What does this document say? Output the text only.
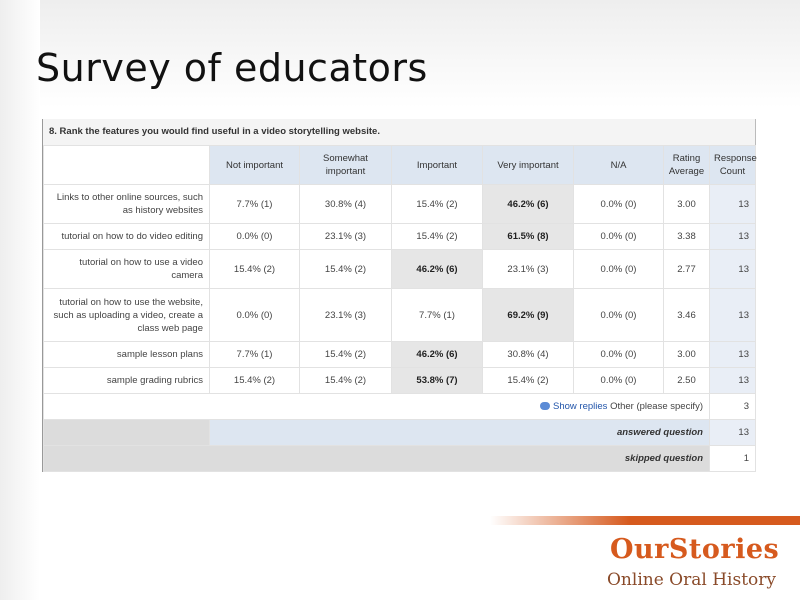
Survey of educators
8. Rank the features you would find useful in a video storytelling website.
	Not important	Somewhat important	Important	Very important	N/A	Rating Average	Response Count
Links to other online sources, such as history websites	7.7% (1)	30.8% (4)	15.4% (2)	46.2% (6)	0.0% (0)	3.00	13
tutorial on how to do video editing	0.0% (0)	23.1% (3)	15.4% (2)	61.5% (8)	0.0% (0)	3.38	13
tutorial on how to use a video camera	15.4% (2)	15.4% (2)	46.2% (6)	23.1% (3)	0.0% (0)	2.77	13
tutorial on how to use the website, such as uploading a video, create a class web page	0.0% (0)	23.1% (3)	7.7% (1)	69.2% (9)	0.0% (0)	3.46	13
sample lesson plans	7.7% (1)	15.4% (2)	46.2% (6)	30.8% (4)	0.0% (0)	3.00	13
sample grading rubrics	15.4% (2)	15.4% (2)	53.8% (7)	15.4% (2)	0.0% (0)	2.50	13
Show replies Other (please specify)							3
	answered question						13
skipped question							1

OurStories

Online Oral History
